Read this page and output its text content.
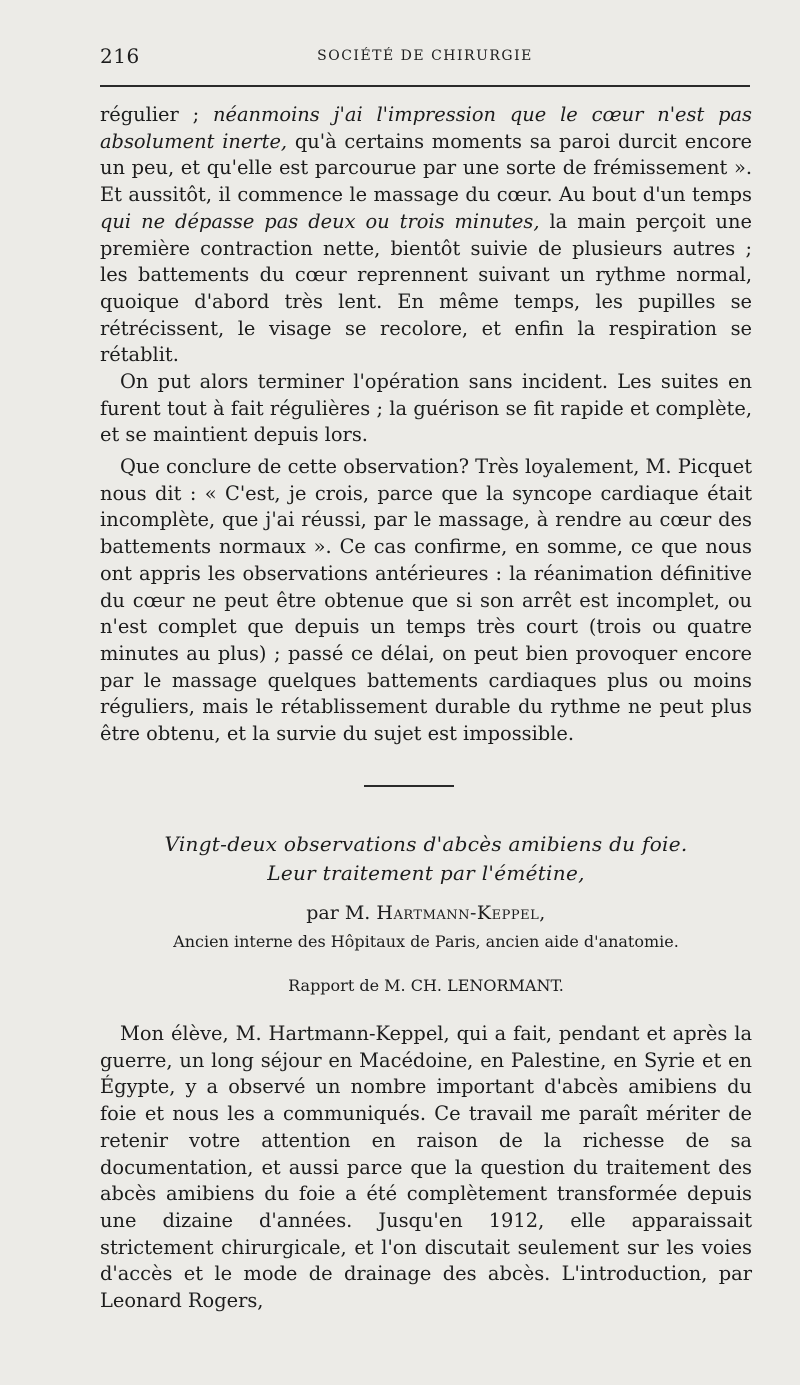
216	SOCIÉTÉ DE CHIRURGIE

régulier ; néanmoins j'ai l'impression que le cœur n'est pas absolument inerte, qu'à certains moments sa paroi durcit encore un peu, et qu'elle est parcourue par une sorte de frémissement ». Et aussitôt, il commence le massage du cœur. Au bout d'un temps qui ne dépasse pas deux ou trois minutes, la main perçoit une première contraction nette, bientôt suivie de plusieurs autres ; les battements du cœur reprennent suivant un rythme normal, quoique d'abord très lent. En même temps, les pupilles se rétrécissent, le visage se recolore, et enfin la respiration se rétablit.

On put alors terminer l'opération sans incident. Les suites en furent tout à fait régulières ; la guérison se fit rapide et complète, et se maintient depuis lors.

Que conclure de cette observation? Très loyalement, M. Picquet nous dit : « C'est, je crois, parce que la syncope cardiaque était incomplète, que j'ai réussi, par le massage, à rendre au cœur des battements normaux ». Ce cas confirme, en somme, ce que nous ont appris les observations antérieures : la réanimation définitive du cœur ne peut être obtenue que si son arrêt est incomplet, ou n'est complet que depuis un temps très court (trois ou quatre minutes au plus) ; passé ce délai, on peut bien provoquer encore par le massage quelques battements cardiaques plus ou moins réguliers, mais le rétablissement durable du rythme ne peut plus être obtenu, et la survie du sujet est impossible.

Vingt-deux observations d'abcès amibiens du foie.
Leur traitement par l'émétine,
par M. Hartmann-Keppel,
Ancien interne des Hôpitaux de Paris, ancien aide d'anatomie.
Rapport de M. CH. LENORMANT.

Mon élève, M. Hartmann-Keppel, qui a fait, pendant et après la guerre, un long séjour en Macédoine, en Palestine, en Syrie et en Égypte, y a observé un nombre important d'abcès amibiens du foie et nous les a communiqués. Ce travail me paraît mériter de retenir votre attention en raison de la richesse de sa documentation, et aussi parce que la question du traitement des abcès amibiens du foie a été complètement transformée depuis une dizaine d'années. Jusqu'en 1912, elle apparaissait strictement chirurgicale, et l'on discutait seulement sur les voies d'accès et le mode de drainage des abcès. L'introduction, par Leonard Rogers,
